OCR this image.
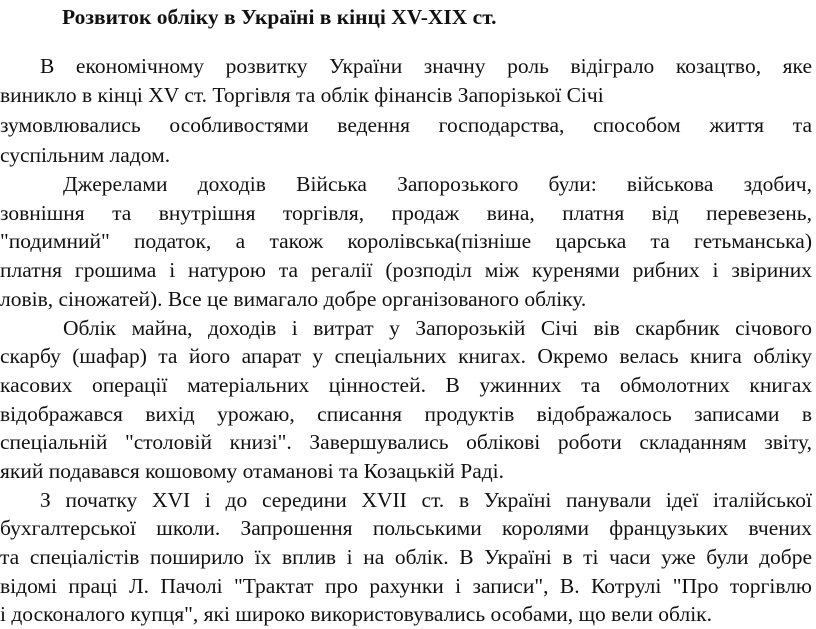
Розвиток обліку в Україні в кінці XV-XIX ст.
В економічному розвитку України значну роль відіграло козацтво, яке
виникло в кінці XV ст. Торгівля та облік фінансів Запорізької Січі
зумовлювались особливостями ведення господарства, способом життя та
суспільним ладом.
Джерелами доходів Війська Запорозького були: військова здобич,
зовнішня та внутрішня торгівля, продаж вина, платня від перевезень,
"подимний" податок, а також королівська(пізніше царська та гетьманська)
платня грошима і натурою та регалії (розподіл між куренями рибних і звіриних
ловів, сіножатей). Все це вимагало добре організованого обліку.
Облік майна, доходів і витрат у Запорозькій Січі вів скарбник січового
скарбу (шафар) та його апарат у спеціальних книгах. Окремо велась книга обліку
касових операції матеріальних цінностей. В ужинних та обмолотних книгах
відображався вихід урожаю, списання продуктів відображалось записами в
спеціальній "столовій книзі". Завершувались облікові роботи складанням звіту,
який подавався кошовому отаманові та Козацькій Раді.
З початку XVI і до середини XVII ст. в Україні панували ідеї італійської
бухгалтерської школи. Запрошення польськими королями французьких вчених
та спеціалістів поширило їх вплив і на облік. В Україні в ті часи уже були добре
відомі праці Л. Пачолі "Трактат про рахунки і записи", В. Котрулі "Про торгівлю
і досконалого купця", які широко використовувались особами, що вели облік.
